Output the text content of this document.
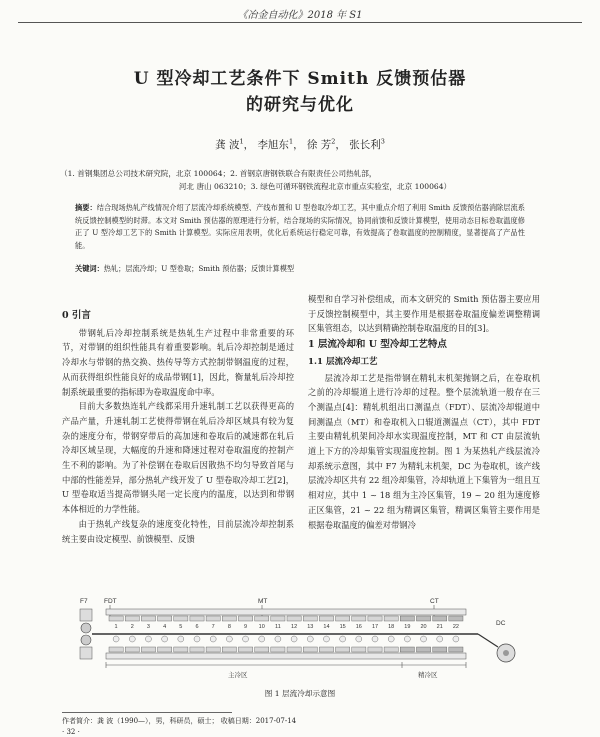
《冶金自动化》2018 年 S1
U 型冷却工艺条件下 Smith 反馈预估器
的研究与优化
龚 波$^1$， 李旭东$^1$， 徐 芳$^2$， 张长利$^3$
（1. 首钢集团总公司技术研究院，北京 100064；2. 首钢京唐钢铁联合有限责任公司热轧部，
河北 唐山 063210；3. 绿色可循环钢铁流程北京市重点实验室，北京 100064）
摘要：结合现场热轧产线情况介绍了层流冷却系统模型、产线布置和 U 型卷取冷却工艺，其中重点介绍了利用 Smith 反馈预估器消除层流系统反馈控制模型的时滞。本文对 Smith 预估器的原理进行分析，结合现场的实际情况，协同前馈和反馈计算模型，使用动态目标卷取温度修正了 U 型冷却工艺下的 Smith 计算模型。实际应用表明，优化后系统运行稳定可靠，有效提高了卷取温度的控制精度，显著提高了产品性能。
关键词：热轧；层流冷却；U 型卷取；Smith 预估器；反馈计算模型
0 引言

带钢轧后冷却控制系统是热轧生产过程中非常重要的环节，对带钢的组织性能具有着重要影响。轧后冷却控制是通过冷却水与带钢的热交换、热传导等方式控制带钢温度的过程，从而获得组织性能良好的成品带钢[1]，因此，衡量轧后冷却控制系统最重要的指标即为卷取温度命中率。

目前大多数热连轧产线都采用升速轧制工艺以获得更高的产品产量，升速轧制工艺使得带钢在轧后冷却区域具有较为复杂的速度分布，带钢穿带后的高加速和卷取后的减速都在轧后冷却区域呈现，大幅度的升速和降速过程对卷取温度的控制产生不利的影响。为了补偿钢在卷取后因散热不均匀导致首尾与中部的性能差异，部分热轧产线开发了 U 型卷取冷却工艺[2]，U 型卷取适当提高带钢头尾一定长度内的温度，以达到和带钢本体相近的力学性能。

由于热轧产线复杂的速度变化特性，目前层流冷却控制系统主要由设定模型、前馈模型、反馈

模型和自学习补偿组成，而本文研究的 Smith 预估器主要应用于反馈控制模型中，其主要作用是根据卷取温度偏差调整精调区集管组态，以达到精确控制卷取温度的目的[3]。

1 层流冷却和 U 型冷却工艺特点
1.1 层流冷却工艺

层流冷却工艺是指带钢在精轧末机架抛钢之后，在卷取机之前的冷却辊道上进行冷却的过程。整个层流轨道一般存在三个测温点[4]：精轧机组出口测温点（FDT）、层流冷却辊道中间测温点（MT）和卷取机入口辊道测温点（CT），其中 FDT 主要由精轧机架间冷却水实现温度控制，MT 和 CT 由层流轨道上下方的冷却集管实现温度控制。图 1 为某热轧产线层流冷却系统示意图，其中 F7 为精轧末机架，DC 为卷取机，该产线层流冷却区共有 22 组冷却集管，冷却轨道上下集管为一组且互相对应，其中 1 ~ 18 组为主冷区集管，19 ~ 20 组为速度修正区集管，21 ~ 22 组为精调区集管，精调区集管主要作用是根据卷取温度的偏差对带钢冷

F7	FDT	MT	CT
DC
1 2 3 4 5 6 7 8 9 10 11 12 13 14 15 16 17 18 19 20 21 22
主冷区	精冷区
图 1 层流冷却示意图
作者简介：龚 波（1990—），男，科研员，硕士； 收稿日期：2017-07-14
· 32 ·
